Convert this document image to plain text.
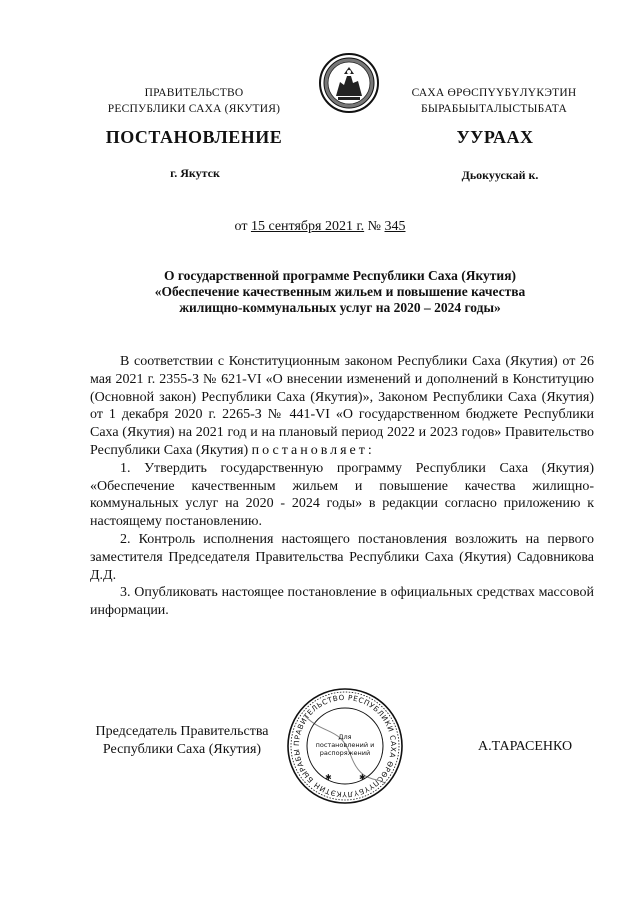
ПРАВИТЕЛЬСТВО
РЕСПУБЛИКИ САХА (ЯКУТИЯ)
САХА ӨРӨСПҮҮБҮЛҮКЭТИН
БЫРАБЫЫТАЛЫСТЫБАТА
ПОСТАНОВЛЕНИЕ	УУРААХ
г. Якутск	Дьокуускай к.
от 15 сентября 2021 г. № 345
О государственной программе Республики Саха (Якутия)
«Обеспечение качественным жильем и повышение качества
жилищно-коммунальных услуг на 2020 – 2024 годы»

В соответствии с Конституционным законом Республики Саха (Якутия) от 26 мая 2021 г. 2355-З № 621-VI «О внесении изменений и дополнений в Конституцию (Основной закон) Республики Саха (Якутия)», Законом Республики Саха (Якутия) от 1 декабря 2020 г. 2265-З № 441-VI «О государственном бюджете Республики Саха (Якутия) на 2021 год и на плановый период 2022 и 2023 годов» Правительство Республики Саха (Якутия) постановляет:

1. Утвердить государственную программу Республики Саха (Якутия) «Обеспечение качественным жильем и повышение качества жилищно-коммунальных услуг на 2020 - 2024 годы» в редакции согласно приложению к настоящему постановлению.

2. Контроль исполнения настоящего постановления возложить на первого заместителя Председателя Правительства Республики Саха (Якутия) Садовникова Д.Д.

3. Опубликовать настоящее постановление в официальных средствах массовой информации.

Председатель Правительства
Республики Саха (Якутия)	А.ТАРАСЕНКО
ПРАВИТЕЛЬСТВО РЕСПУБЛИКИ САХА ӨРӨСПҮҮБҮЛҮКЭТИН БЫРАБЫ
Для
постановлений и
распоряжений
✱	✱
